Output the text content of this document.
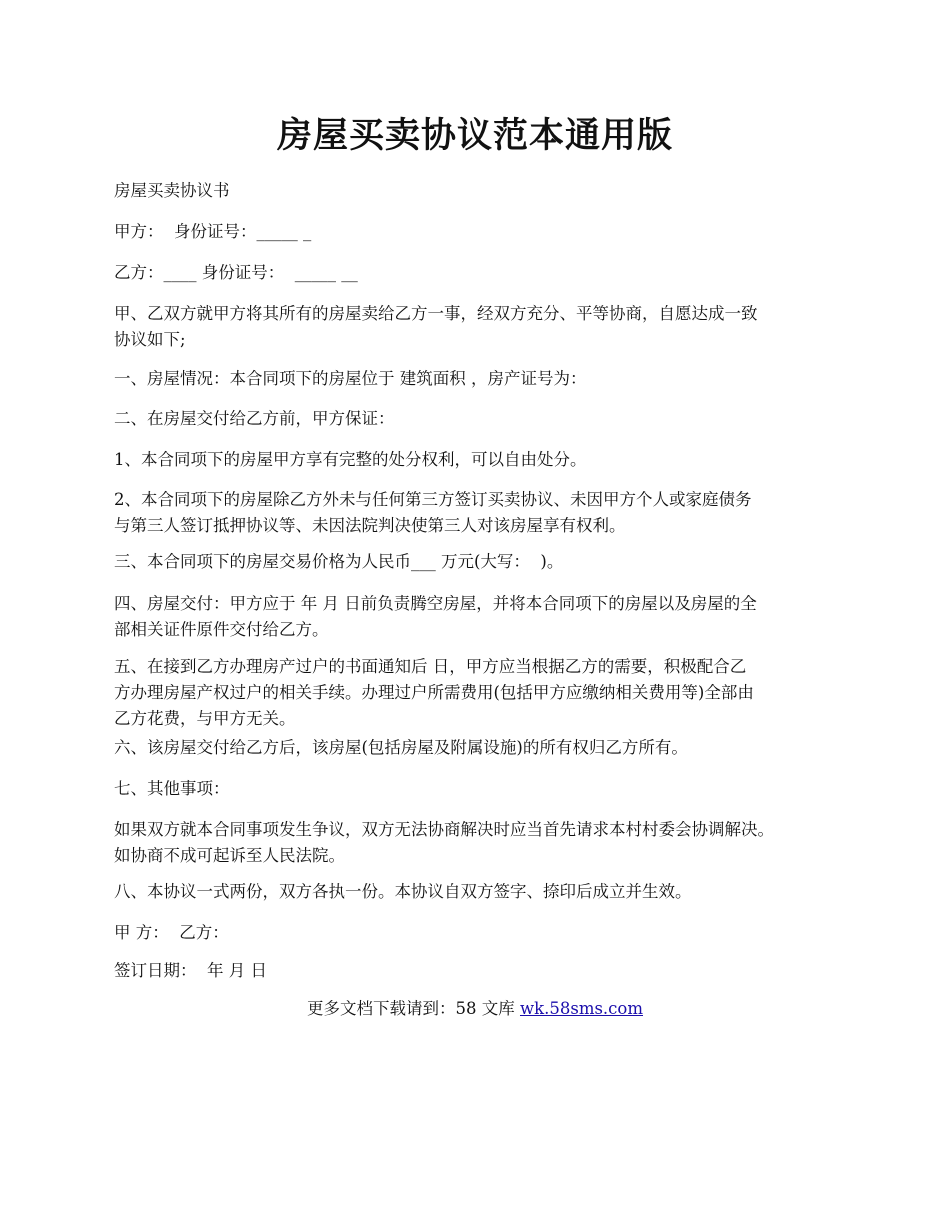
房屋买卖协议范本通用版
房屋买卖协议书
甲方：  身份证号：_____ _
乙方：____ 身份证号：  _____ __
甲、乙双方就甲方将其所有的房屋卖给乙方一事，经双方充分、平等协商，自愿达成一致
协议如下;
一、房屋情况：本合同项下的房屋位于 建筑面积 ，房产证号为：
二、在房屋交付给乙方前，甲方保证：
1、本合同项下的房屋甲方享有完整的处分权利，可以自由处分。
2、本合同项下的房屋除乙方外未与任何第三方签订买卖协议、未因甲方个人或家庭债务
与第三人签订抵押协议等、未因法院判决使第三人对该房屋享有权利。
三、本合同项下的房屋交易价格为人民币___ 万元(大写：  )。
四、房屋交付：甲方应于 年 月 日前负责腾空房屋，并将本合同项下的房屋以及房屋的全
部相关证件原件交付给乙方。
五、在接到乙方办理房产过户的书面通知后 日，甲方应当根据乙方的需要，积极配合乙
方办理房屋产权过户的相关手续。办理过户所需费用(包括甲方应缴纳相关费用等)全部由
乙方花费，与甲方无关。
六、该房屋交付给乙方后，该房屋(包括房屋及附属设施)的所有权归乙方所有。
七、其他事项：
如果双方就本合同事项发生争议，双方无法协商解决时应当首先请求本村村委会协调解决。
如协商不成可起诉至人民法院。
八、本协议一式两份，双方各执一份。本协议自双方签字、捺印后成立并生效。
甲 方：  乙方：
签订日期：  年 月 日
更多文档下载请到：58 文库 wk.58sms.com
